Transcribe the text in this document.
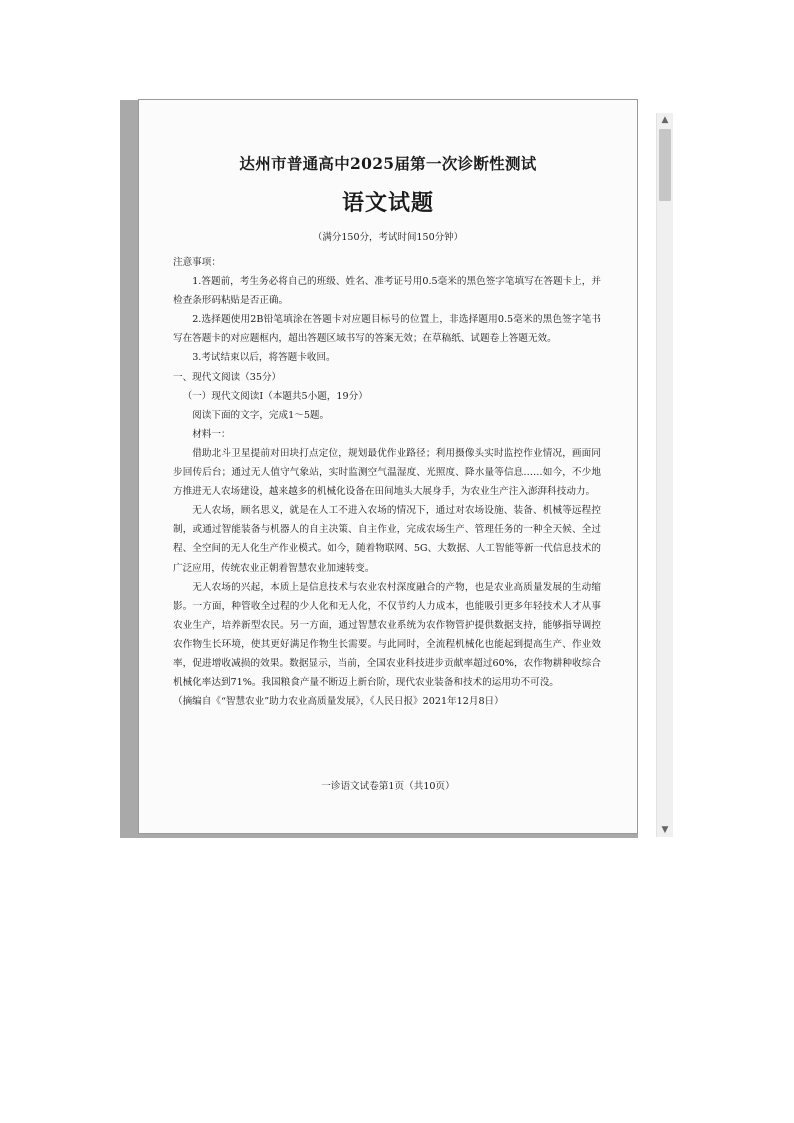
达州市普通高中2025届第一次诊断性测试
语文试题
（满分150分，考试时间150分钟）

注意事项：

1.答题前，考生务必将自己的班级、姓名、准考证号用0.5毫米的黑色签字笔填写在答题卡上，并检查条形码粘贴是否正确。

2.选择题使用2B铅笔填涂在答题卡对应题目标号的位置上，非选择题用0.5毫米的黑色签字笔书写在答题卡的对应题框内，超出答题区域书写的答案无效；在草稿纸、试题卷上答题无效。

3.考试结束以后，将答题卡收回。

一、现代文阅读（35分）

（一）现代文阅读Ⅰ（本题共5小题，19分）

阅读下面的文字，完成1～5题。

材料一：

借助北斗卫星提前对田块打点定位，规划最优作业路径；利用摄像头实时监控作业情况，画面同步回传后台；通过无人值守气象站，实时监测空气温湿度、光照度、降水量等信息……如今，不少地方推进无人农场建设，越来越多的机械化设备在田间地头大展身手，为农业生产注入澎湃科技动力。

无人农场，顾名思义，就是在人工不进入农场的情况下，通过对农场设施、装备、机械等远程控制，或通过智能装备与机器人的自主决策、自主作业，完成农场生产、管理任务的一种全天候、全过程、全空间的无人化生产作业模式。如今，随着物联网、5G、大数据、人工智能等新一代信息技术的广泛应用，传统农业正朝着智慧农业加速转变。

无人农场的兴起，本质上是信息技术与农业农村深度融合的产物，也是农业高质量发展的生动缩影。一方面，种管收全过程的少人化和无人化，不仅节约人力成本，也能吸引更多年轻技术人才从事农业生产，培养新型农民。另一方面，通过智慧农业系统为农作物管护提供数据支持，能够指导调控农作物生长环境，使其更好满足作物生长需要。与此同时，全流程机械化也能起到提高生产、作业效率，促进增收减损的效果。数据显示，当前，全国农业科技进步贡献率超过60%，农作物耕种收综合机械化率达到71%。我国粮食产量不断迈上新台阶，现代农业装备和技术的运用功不可没。

（摘编自《“智慧农业”助力农业高质量发展》，《人民日报》2021年12月8日）

一诊语文试卷第1页（共10页）
▲
▼
